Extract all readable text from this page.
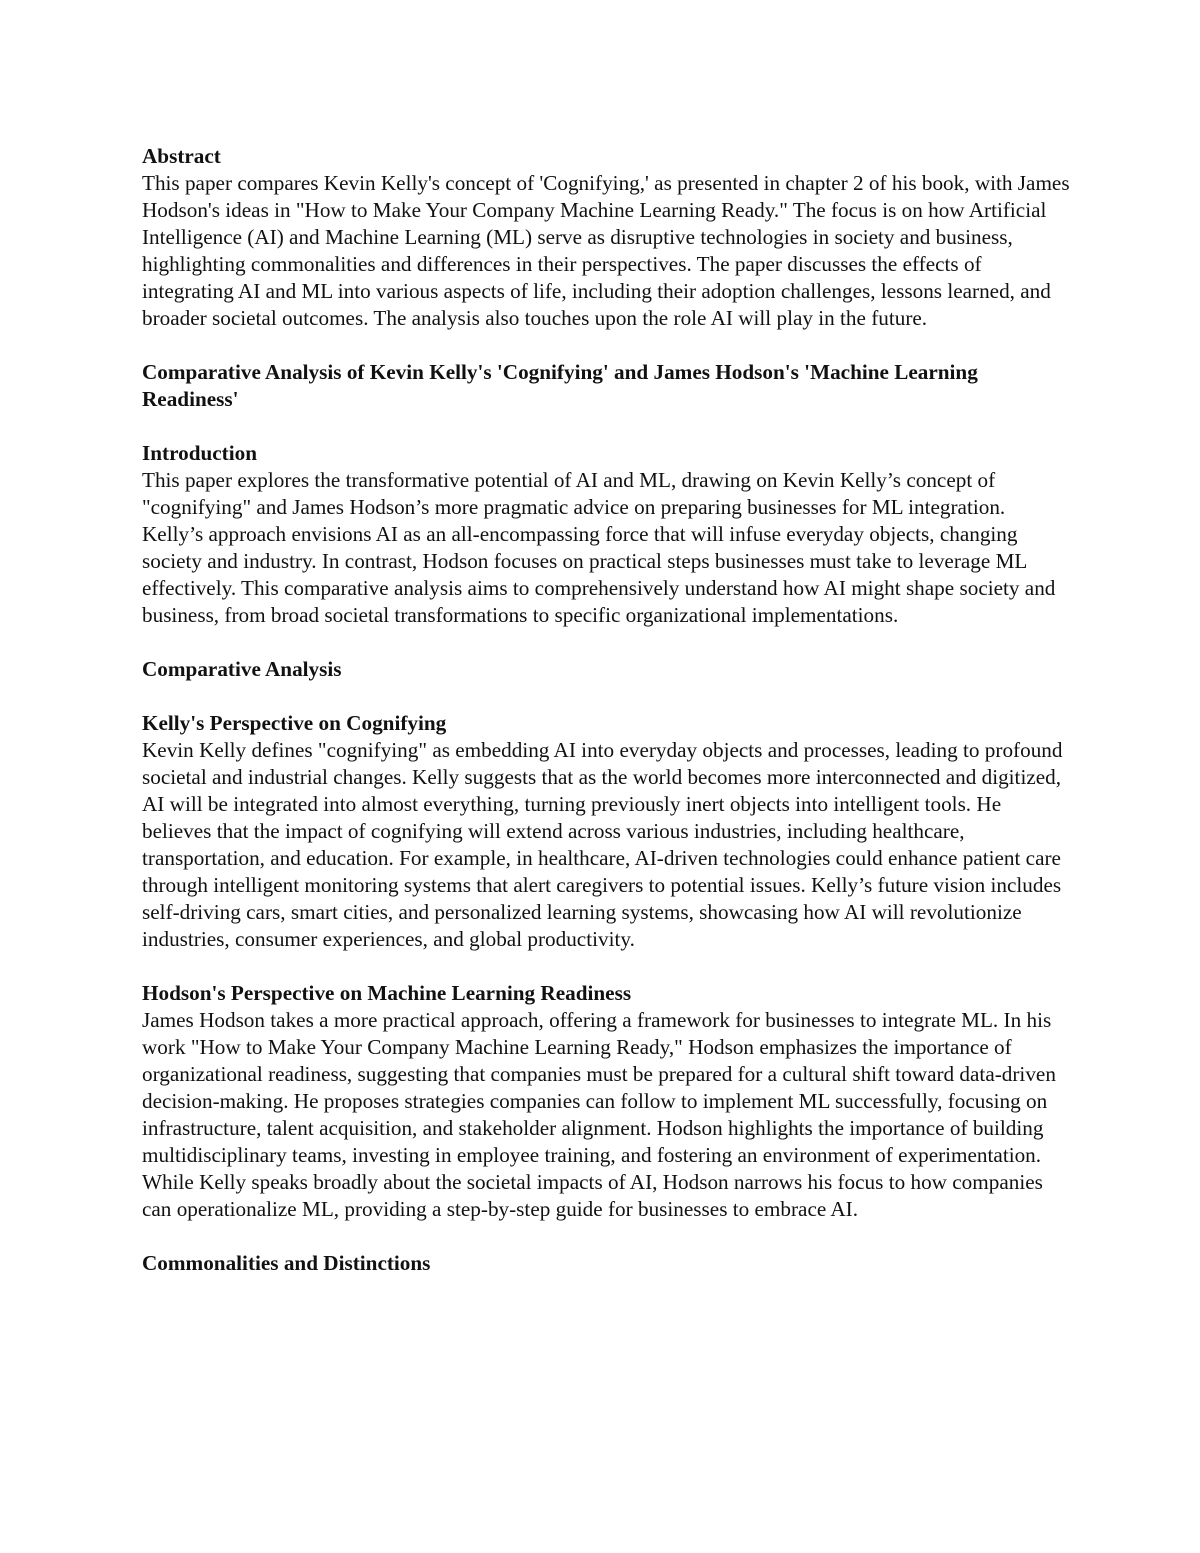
Abstract

This paper compares Kevin Kelly's concept of 'Cognifying,' as presented in chapter 2 of his book, with James Hodson's ideas in "How to Make Your Company Machine Learning Ready." The focus is on how Artificial Intelligence (AI) and Machine Learning (ML) serve as disruptive technologies in society and business, highlighting commonalities and differences in their perspectives. The paper discusses the effects of integrating AI and ML into various aspects of life, including their adoption challenges, lessons learned, and broader societal outcomes. The analysis also touches upon the role AI will play in the future.

Comparative Analysis of Kevin Kelly's 'Cognifying' and James Hodson's 'Machine Learning Readiness'

Introduction

This paper explores the transformative potential of AI and ML, drawing on Kevin Kelly’s concept of "cognifying" and James Hodson’s more pragmatic advice on preparing businesses for ML integration. Kelly’s approach envisions AI as an all-encompassing force that will infuse everyday objects, changing society and industry. In contrast, Hodson focuses on practical steps businesses must take to leverage ML effectively. This comparative analysis aims to comprehensively understand how AI might shape society and business, from broad societal transformations to specific organizational implementations.

Comparative Analysis

Kelly's Perspective on Cognifying

Kevin Kelly defines "cognifying" as embedding AI into everyday objects and processes, leading to profound societal and industrial changes. Kelly suggests that as the world becomes more interconnected and digitized, AI will be integrated into almost everything, turning previously inert objects into intelligent tools. He believes that the impact of cognifying will extend across various industries, including healthcare, transportation, and education. For example, in healthcare, AI-driven technologies could enhance patient care through intelligent monitoring systems that alert caregivers to potential issues. Kelly’s future vision includes self-driving cars, smart cities, and personalized learning systems, showcasing how AI will revolutionize industries, consumer experiences, and global productivity.

Hodson's Perspective on Machine Learning Readiness

James Hodson takes a more practical approach, offering a framework for businesses to integrate ML. In his work "How to Make Your Company Machine Learning Ready," Hodson emphasizes the importance of organizational readiness, suggesting that companies must be prepared for a cultural shift toward data-driven decision-making. He proposes strategies companies can follow to implement ML successfully, focusing on infrastructure, talent acquisition, and stakeholder alignment. Hodson highlights the importance of building multidisciplinary teams, investing in employee training, and fostering an environment of experimentation. While Kelly speaks broadly about the societal impacts of AI, Hodson narrows his focus to how companies can operationalize ML, providing a step-by-step guide for businesses to embrace AI.

Commonalities and Distinctions
